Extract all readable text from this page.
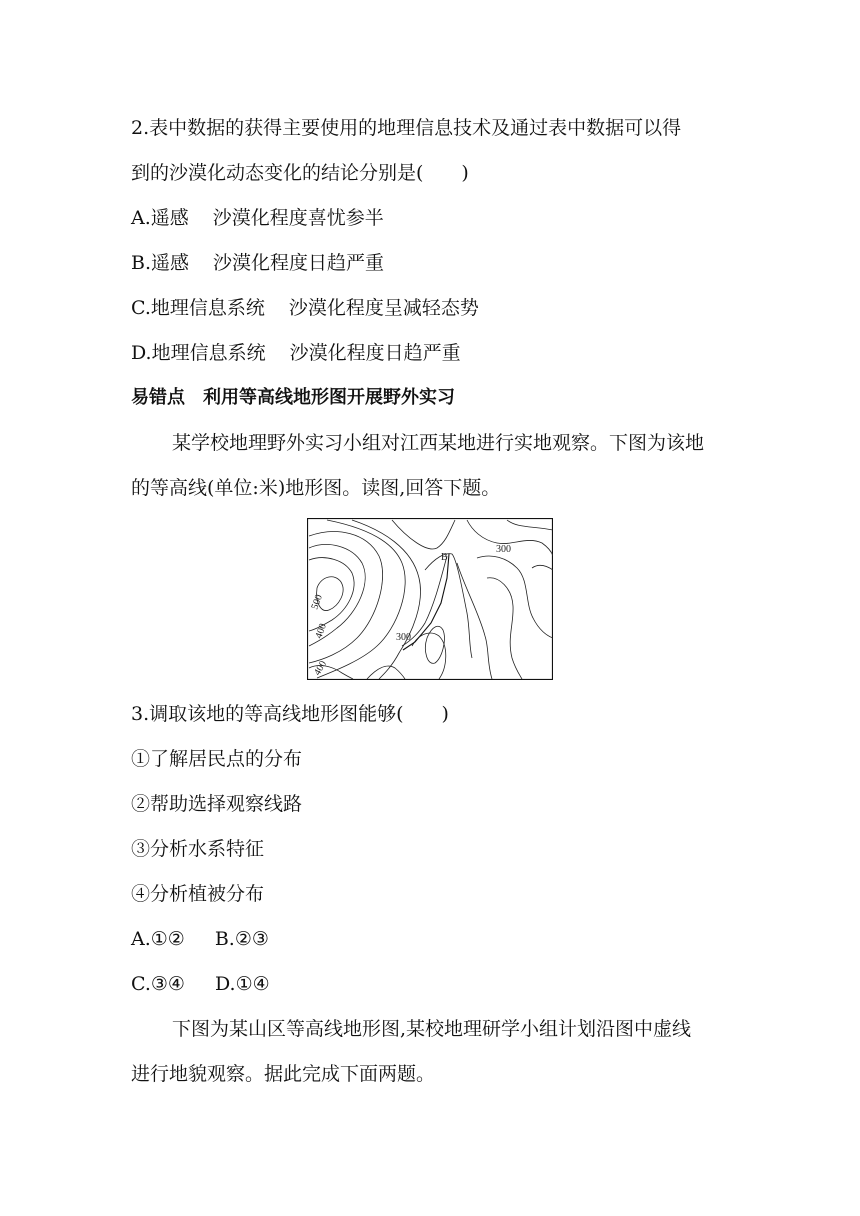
2.表中数据的获得主要使用的地理信息技术及通过表中数据可以得
到的沙漠化动态变化的结论分别是(　　)
A.遥感 沙漠化程度喜忧参半
B.遥感 沙漠化程度日趋严重
C.地理信息系统 沙漠化程度呈减轻态势
D.地理信息系统 沙漠化程度日趋严重
易错点　利用等高线地形图开展野外实习
某学校地理野外实习小组对江西某地进行实地观察。下图为该地
的等高线(单位:米)地形图。读图,回答下题。
B
300
500
400	300
400
3.调取该地的等高线地形图能够(　　)
①了解居民点的分布
②帮助选择观察线路
③分析水系特征
④分析植被分布
A.①② B.②③
C.③④ D.①④
下图为某山区等高线地形图,某校地理研学小组计划沿图中虚线
进行地貌观察。据此完成下面两题。
